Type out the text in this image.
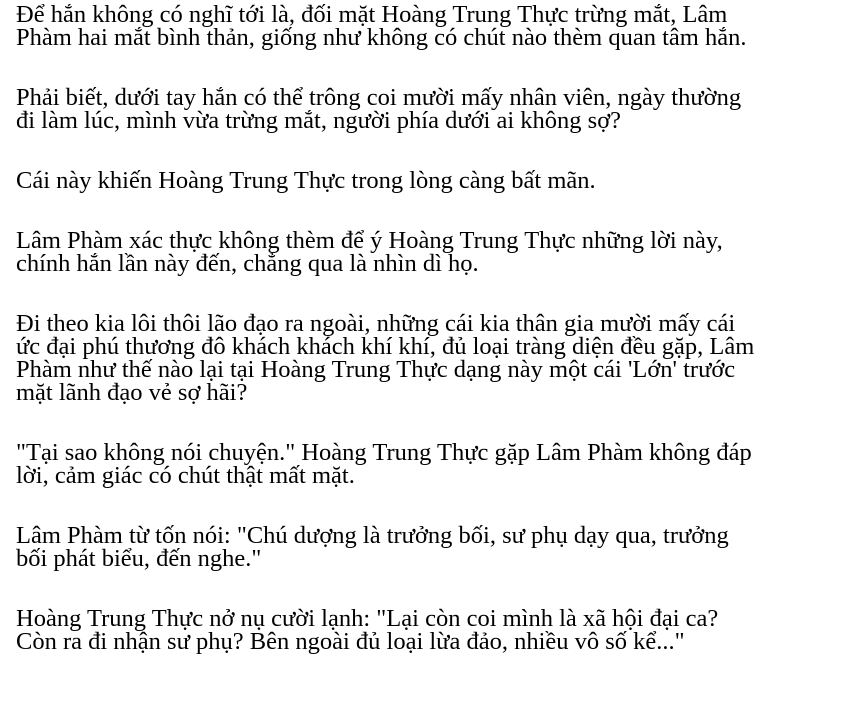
Để hắn không có nghĩ tới là, đối mặt Hoàng Trung Thực trừng mắt, Lâm
Phàm hai mắt bình thản, giống như không có chút nào thèm quan tâm hắn.

Phải biết, dưới tay hắn có thể trông coi mười mấy nhân viên, ngày thường
đi làm lúc, mình vừa trừng mắt, người phía dưới ai không sợ?

Cái này khiến Hoàng Trung Thực trong lòng càng bất mãn.

Lâm Phàm xác thực không thèm để ý Hoàng Trung Thực những lời này,
chính hắn lần này đến, chẳng qua là nhìn dì họ.

Đi theo kia lôi thôi lão đạo ra ngoài, những cái kia thân gia mười mấy cái
ức đại phú thương đô khách khách khí khí, đủ loại tràng diện đều gặp, Lâm
Phàm như thế nào lại tại Hoàng Trung Thực dạng này một cái 'Lớn' trước
mặt lãnh đạo vẻ sợ hãi?

"Tại sao không nói chuyện." Hoàng Trung Thực gặp Lâm Phàm không đáp
lời, cảm giác có chút thật mất mặt.

Lâm Phàm từ tốn nói: "Chú dượng là trưởng bối, sư phụ dạy qua, trưởng
bối phát biểu, đến nghe."

Hoàng Trung Thực nở nụ cười lạnh: "Lại còn coi mình là xã hội đại ca?
Còn ra đi nhận sư phụ? Bên ngoài đủ loại lừa đảo, nhiều vô số kể..."
